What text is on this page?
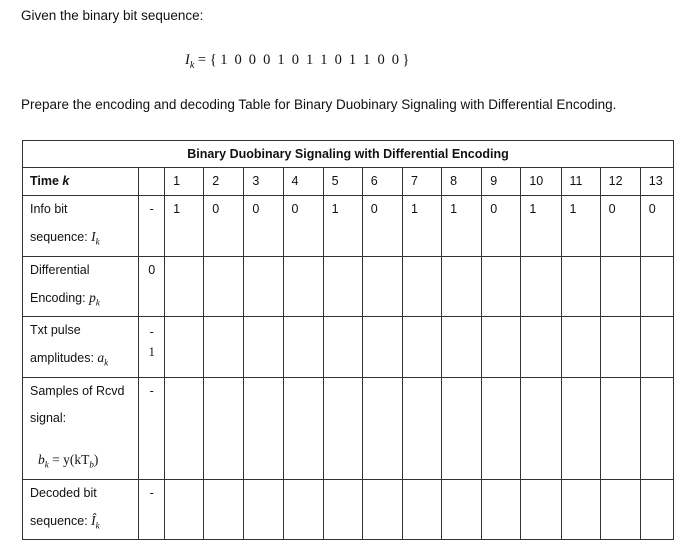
Given the binary bit sequence:
$I_k$ = { 1 0 0 0 1 0 1 1 0 1 1 0 0 }
Prepare the encoding and decoding Table for Binary Duobinary Signaling with Differential Encoding.
Binary Duobinary Signaling with Differential Encoding														
Time k		1	2	3	4	5	6	7	8	9	10	11	12	13

Info bit
sequence: $I_k$	-	1	0	0	0	1	0	1	1	0	1	1	0	0

Differential
Encoding: $p_k$	0													

Txt pulse
amplitudes: $a_k$	-
1													

Samples of Rcvd
signal:
$b_k = y(kT_b)$	-													

Decoded bit
sequence: $Î_k$	-													
